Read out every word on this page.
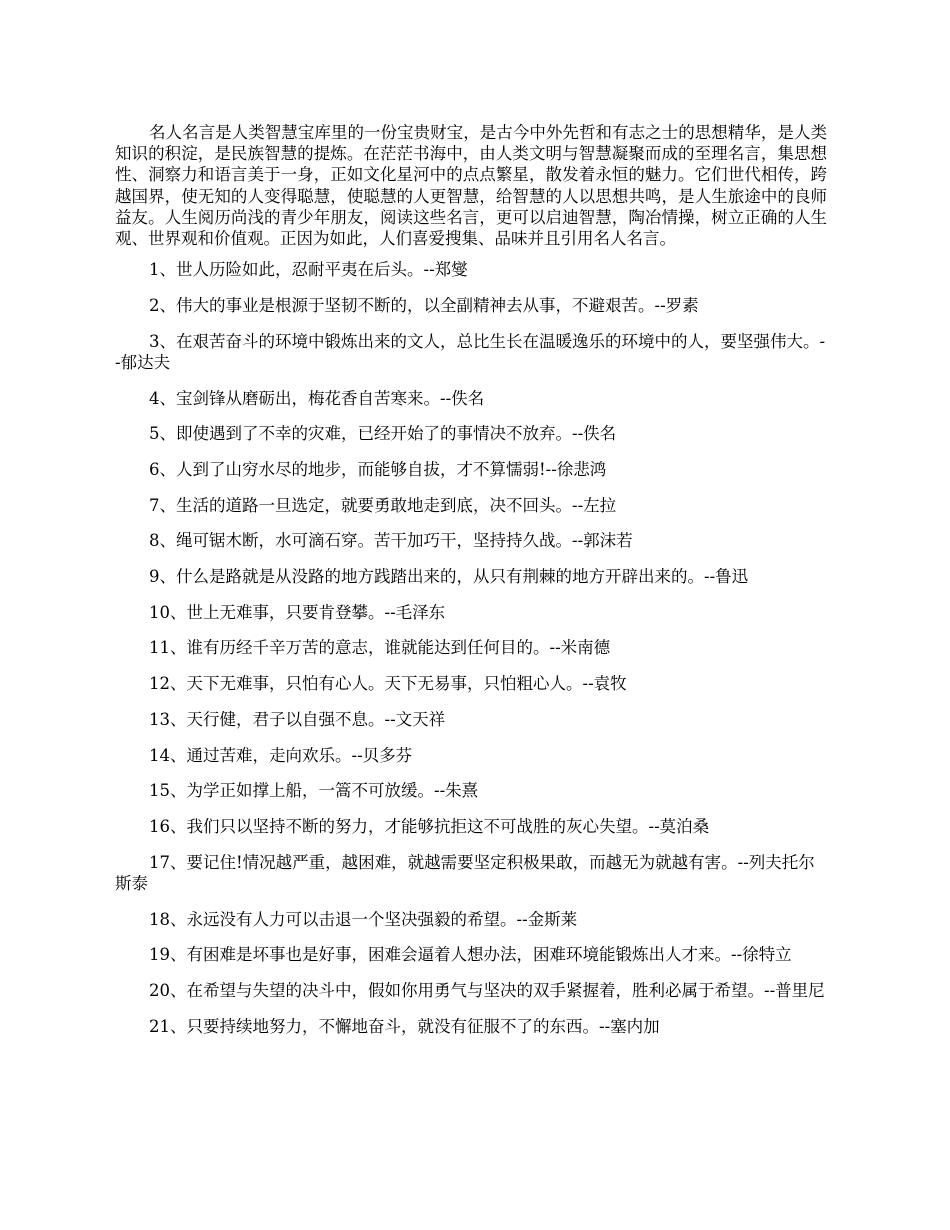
名人名言是人类智慧宝库里的一份宝贵财宝，是古今中外先哲和有志之士的思想精华，是人类知识的积淀，是民族智慧的提炼。在茫茫书海中，由人类文明与智慧凝聚而成的至理名言，集思想性、洞察力和语言美于一身，正如文化星河中的点点繁星，散发着永恒的魅力。它们世代相传，跨越国界，使无知的人变得聪慧，使聪慧的人更智慧，给智慧的人以思想共鸣，是人生旅途中的良师益友。人生阅历尚浅的青少年朋友，阅读这些名言，更可以启迪智慧，陶冶情操，树立正确的人生观、世界观和价值观。正因为如此，人们喜爱搜集、品味并且引用名人名言。

1、世人历险如此，忍耐平夷在后头。--郑燮

2、伟大的事业是根源于坚韧不断的，以全副精神去从事，不避艰苦。--罗素

3、在艰苦奋斗的环境中锻炼出来的文人，总比生长在温暖逸乐的环境中的人，要坚强伟大。--郁达夫

4、宝剑锋从磨砺出，梅花香自苦寒来。--佚名

5、即使遇到了不幸的灾难，已经开始了的事情决不放弃。--佚名

6、人到了山穷水尽的地步，而能够自拔，才不算懦弱!--徐悲鸿

7、生活的道路一旦选定，就要勇敢地走到底，决不回头。--左拉

8、绳可锯木断，水可滴石穿。苦干加巧干，坚持持久战。--郭沫若

9、什么是路就是从没路的地方践踏出来的，从只有荆棘的地方开辟出来的。--鲁迅

10、世上无难事，只要肯登攀。--毛泽东

11、谁有历经千辛万苦的意志，谁就能达到任何目的。--米南德

12、天下无难事，只怕有心人。天下无易事，只怕粗心人。--袁牧

13、天行健，君子以自强不息。--文天祥

14、通过苦难，走向欢乐。--贝多芬

15、为学正如撑上船，一篙不可放缓。--朱熹

16、我们只以坚持不断的努力，才能够抗拒这不可战胜的灰心失望。--莫泊桑

17、要记住!情况越严重，越困难，就越需要坚定积极果敢，而越无为就越有害。--列夫托尔斯泰

18、永远没有人力可以击退一个坚决强毅的希望。--金斯莱

19、有困难是坏事也是好事，困难会逼着人想办法，困难环境能锻炼出人才来。--徐特立

20、在希望与失望的决斗中，假如你用勇气与坚决的双手紧握着，胜利必属于希望。--普里尼

21、只要持续地努力，不懈地奋斗，就没有征服不了的东西。--塞内加
